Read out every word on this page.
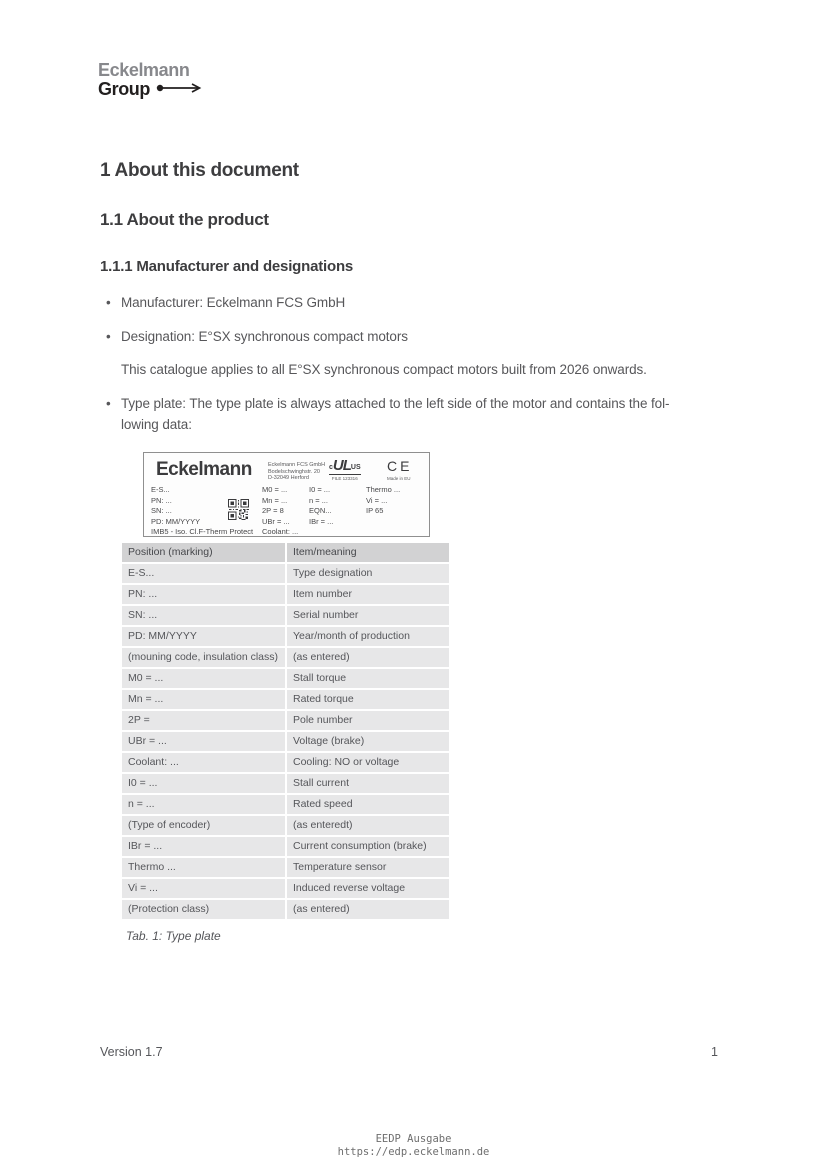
Eckelmann
Group
1 About this document
1.1 About the product
1.1.1 Manufacturer and designations
• Manufacturer: Eckelmann FCS GmbH
• Designation: E°SX synchronous compact motors
This catalogue applies to all E°SX synchronous compact motors built from 2026 onwards.
• Type plate: The type plate is always attached to the left side of the motor and contains the fol-
lowing data:
Eckelmann	Eckelmann FCS GmbH
Bodelschwinghstr. 20
D-32049 Herford
c UL US
FILE 123316
CE
Made in EU
E-S...
PN: ...
SN: ...
PD: MM/YYYY
IMB5 - Iso. Cl.F-Therm Protect
M0 = ...
Mn = ...
2P = 8
UBr = ...
Coolant: ...
I0 = ...
n = ...
EQN...
IBr = ...
Thermo ...
Vi = ...
IP 65
Position (marking)	Item/meaning
E-S...	Type designation
PN: ...	Item number
SN: ...	Serial number
PD: MM/YYYY	Year/month of production
(mouning code, insulation class)	(as entered)
M0 = ...	Stall torque
Mn = ...	Rated torque
2P =	Pole number
UBr = ...	Voltage (brake)
Coolant: ...	Cooling: NO or voltage
I0 = ...	Stall current
n = ...	Rated speed
(Type of encoder)	(as enteredt)
IBr = ...	Current consumption (brake)
Thermo ...	Temperature sensor
Vi = ...	Induced reverse voltage
(Protection class)	(as entered)
Tab. 1: Type plate
Version 1.7	1
EEDP Ausgabe
https://edp.eckelmann.de
